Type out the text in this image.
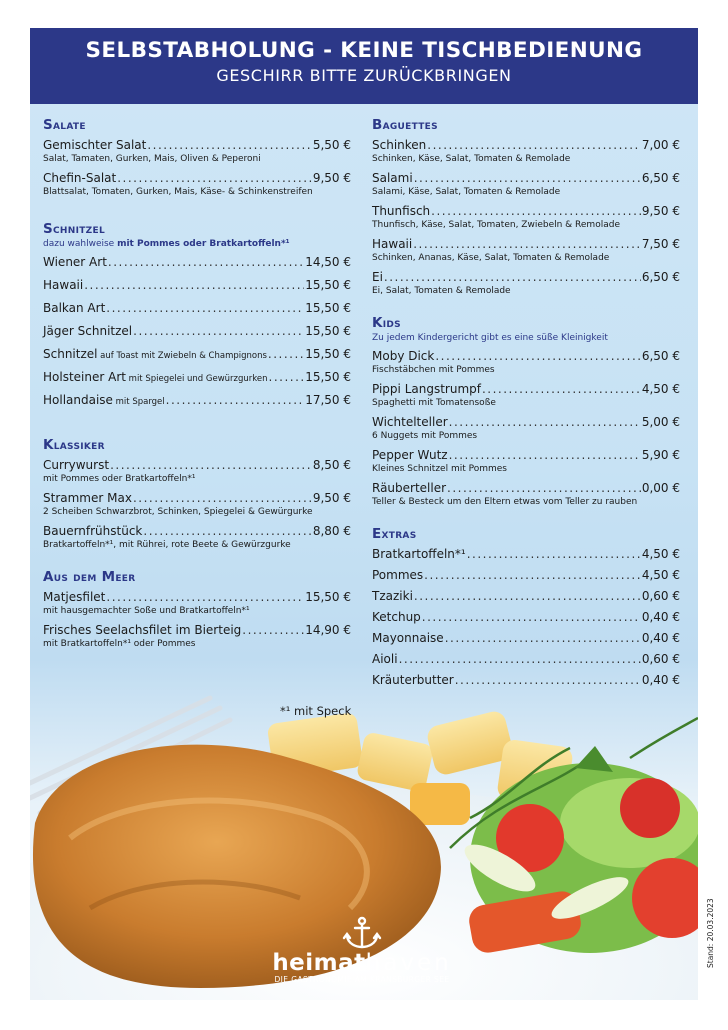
SELBSTABHOLUNG - KEINE TISCHBEDIENUNG
GESCHIRR BITTE ZURÜCKBRINGEN
Salate
Gemischter Salat .....	5,50 €
Salat, Tamaten, Gurken, Mais, Oliven & Peperoni
Chefin-Salat .....	9,50 €
Blattsalat, Tomaten, Gurken, Mais, Käse- & Schinkenstreifen
Schnitzel
dazu wahlweise mit Pommes oder Bratkartoffeln*¹
Wiener Art .....	14,50 €
Hawaii .....	15,50 €
Balkan Art .....	15,50 €
Jäger Schnitzel .....	15,50 €
Schnitzel auf Toast mit Zwiebeln & Champignons .....	15,50 €
Holsteiner Art mit Spiegelei und Gewürzgurken .....	15,50 €
Hollandaise mit Spargel .....	17,50 €
Klassiker
Currywurst .....	8,50 €
mit Pommes oder Bratkartoffeln*¹
Strammer Max .....	9,50 €
2 Scheiben Schwarzbrot, Schinken, Spiegelei & Gewürgurke
Bauernfrühstück .....	8,80 €
Bratkartoffeln*¹, mit Rührei, rote Beete & Gewürzgurke
Aus dem Meer
Matjesfilet .....	15,50 €
mit hausgemachter Soße und Bratkartoffeln*¹
Frisches Seelachsfilet im Bierteig .....	14,90 €
mit Bratkartoffeln*¹ oder Pommes
Baguettes
Schinken .....	7,00 €
Schinken, Käse, Salat, Tomaten & Remolade
Salami .....	6,50 €
Salami, Käse, Salat, Tomaten & Remolade
Thunfisch .....	9,50 €
Thunfisch, Käse, Salat, Tomaten, Zwiebeln & Remolade
Hawaii .....	7,50 €
Schinken, Ananas, Käse, Salat, Tomaten & Remolade
Ei .....	6,50 €
Ei, Salat, Tomaten & Remolade
Kids
Zu jedem Kindergericht gibt es eine süße Kleinigkeit
Moby Dick .....	6,50 €
Fischstäbchen mit Pommes
Pippi Langstrumpf .....	4,50 €
Spaghetti mit Tomatensoße
Wichtelteller .....	5,00 €
6 Nuggets mit Pommes
Pepper Wutz .....	5,90 €
Kleines Schnitzel mit Pommes
Räuberteller .....	0,00 €
Teller & Besteck um den Eltern etwas vom Teller zu rauben
Extras
Bratkartoffeln*¹ .....	4,50 €
Pommes .....	4,50 €
Tzaziki .....	0,60 €
Ketchup .....	0,40 €
Mayonnaise .....	0,40 €
Aioli .....	0,60 €
Kräuterbutter .....	0,40 €
*¹ mit Speck
heimathaven
DIE GASTRONOMIE AM KRANSBURGER SEE
Stand: 20.03.2023
